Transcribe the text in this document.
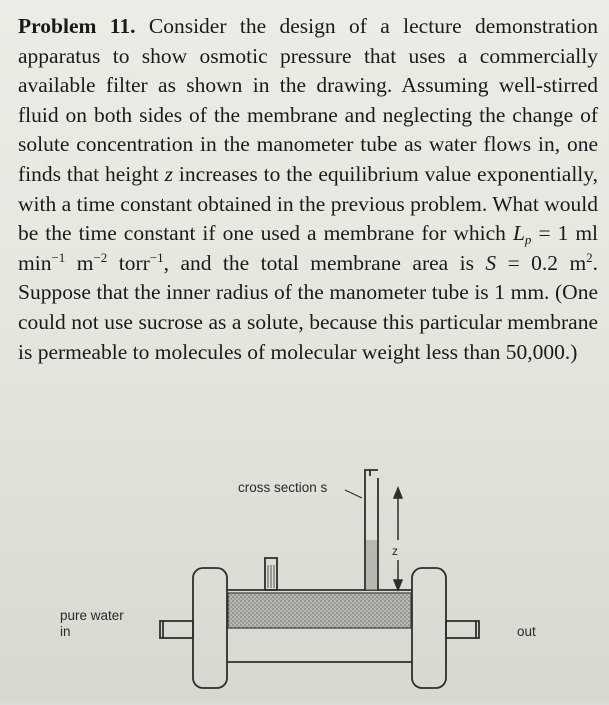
Problem 11. Consider the design of a lecture demonstration apparatus to show osmotic pressure that uses a commercially available filter as shown in the drawing. Assuming well-stirred fluid on both sides of the membrane and neglecting the change of solute concentration in the manometer tube as water flows in, one finds that height z increases to the equilibrium value exponentially, with a time constant obtained in the previous problem. What would be the time constant if one used a membrane for which $L_p = 1$ ml $\min^{-1} m^{-2}$ torr$^{-1}$, and the total membrane area is S = 0.2 $m^2$. Suppose that the inner radius of the manometer tube is 1 mm. (One could not use sucrose as a solute, because this particular membrane is permeable to molecules of molecular weight less than 50,000.)
cross section s
z
pure water
in	out
